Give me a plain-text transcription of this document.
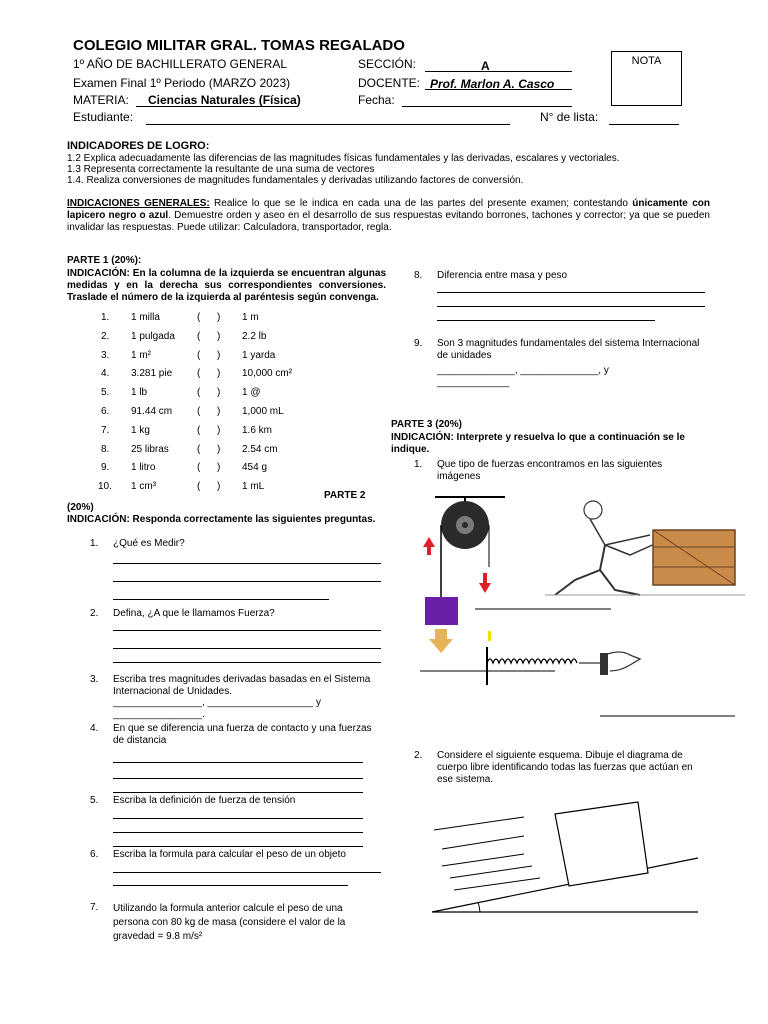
COLEGIO MILITAR GRAL. TOMAS REGALADO
1º AÑO DE BACHILLERATO GENERAL
Examen Final 1º Periodo (MARZO 2023)
MATERIA: Ciencias Naturales (Física)
Estudiante:
SECCIÓN:	A
DOCENTE: Prof. Marlon A. Casco
Fecha:
N° de lista:
NOTA
INDICADORES DE LOGRO:
1.2 Explica adecuadamente las diferencias de las magnitudes físicas fundamentales y las derivadas, escalares y vectoriales.
1.3 Representa correctamente la resultante de una suma de vectores
1.4. Realiza conversiones de magnitudes fundamentales y derivadas utilizando factores de conversión.
INDICACIONES GENERALES: Realice lo que se le indica en cada una de las partes del presente examen; contestando únicamente con lapicero negro o azul. Demuestre orden y aseo en el desarrollo de sus respuestas evitando borrones, tachones y corrector; ya que se pueden invalidar las respuestas. Puede utilizar: Calculadora, transportador, regla.
PARTE 1 (20%):
INDICACIÓN: En la columna de la izquierda se encuentran algunas medidas y en la derecha sus correspondientes conversiones. Traslade el número de la izquierda al paréntesis según convenga.
1. 1 milla	( ) 1 m
2. 1 pulgada ( ) 2.2 lb
3. 1 m²	( ) 1 yarda
4. 3.281 pie ( ) 10,000 cm²
5. 1 lb	( ) 1 @
6. 91.44 cm ( ) 1,000 mL
7. 1 kg	( ) 1.6 km
8. 25 libras	( ) 2.54 cm
9. 1 litro	( ) 454 g
10. 1 cm³	( ) 1 mL
PARTE 2
(20%)
INDICACIÓN: Responda correctamente las siguientes preguntas.
1. ¿Qué es Medir?
2. Defina, ¿A que le llamamos Fuerza?
3. Escriba tres magnitudes derivadas basadas en el Sistema Internacional de Unidades.
________________, ___________________ y
________________.
4. En que se diferencia una fuerza de contacto y una fuerzas de distancia
5. Escriba la definición de fuerza de tensión
6. Escriba la formula para calcular el peso de un objeto
7. Utilizando la formula anterior calcule el peso de una persona con 80 kg de masa (considere el valor de la gravedad = 9.8 m/s²
8. Diferencia entre masa y peso
9. Son 3 magnitudes fundamentales del sistema Internacional de unidades
______________, ______________, y
_____________
PARTE 3 (20%)
INDICACIÓN: Interprete y resuelva lo que a continuación se le indique.
1. Que tipo de fuerzas encontramos en las siguientes imágenes
2. Considere el siguiente esquema. Dibuje el diagrama de cuerpo libre identificando todas las fuerzas que actúan en ese sistema.
